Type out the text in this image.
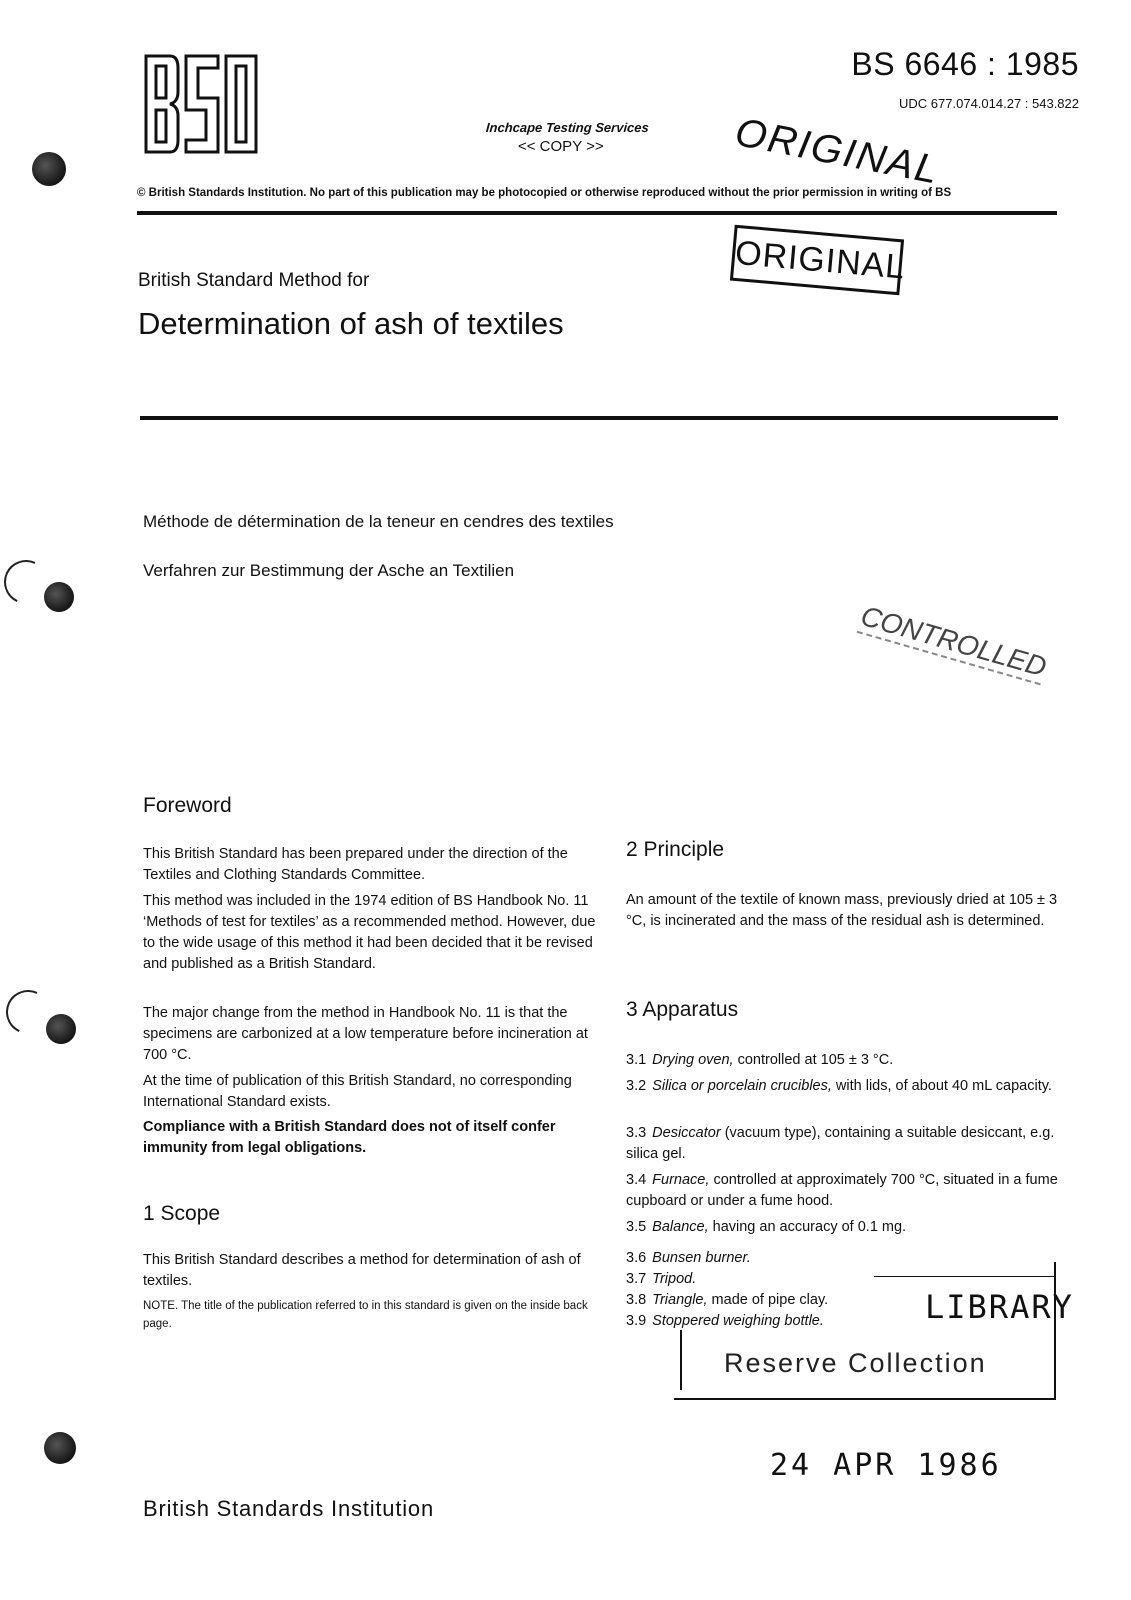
BS 6646 : 1985
UDC 677.074.014.27 : 543.822
Inchcape Testing Services
<< COPY >>	ORIGINAL
© British Standards Institution. No part of this publication may be photocopied or otherwise reproduced without the prior permission in writing of BS
British Standard Method for
Determination of ash of textiles
ORIGINAL
Méthode de détermination de la teneur en cendres des textiles
Verfahren zur Bestimmung der Asche an Textilien
CONTROLLED
Foreword
This British Standard has been prepared under the direction of the Textiles and Clothing Standards Committee.
This method was included in the 1974 edition of BS Handbook No. 11 ‘Methods of test for textiles’ as a recommended method. However, due to the wide usage of this method it had been decided that it be revised and published as a British Standard.
The major change from the method in Handbook No. 11 is that the specimens are carbonized at a low temperature before incineration at 700 °C.
At the time of publication of this British Standard, no corresponding International Standard exists.
Compliance with a British Standard does not of itself confer immunity from legal obligations.
1 Scope
This British Standard describes a method for determination of ash of textiles.
NOTE. The title of the publication referred to in this standard is given on the inside back page.
2 Principle
An amount of the textile of known mass, previously dried at 105 ± 3 °C, is incinerated and the mass of the residual ash is determined.
3 Apparatus
3.1 Drying oven, controlled at 105 ± 3 °C.
3.2 Silica or porcelain crucibles, with lids, of about 40 mL capacity.
3.3 Desiccator (vacuum type), containing a suitable desiccant, e.g. silica gel.
3.4 Furnace, controlled at approximately 700 °C, situated in a fume cupboard or under a fume hood.
3.5 Balance, having an accuracy of 0.1 mg.
3.6 Bunsen burner.
3.7 Tripod.
3.8 Triangle, made of pipe clay.
3.9 Stoppered weighing bottle.	LIBRARY
Reserve Collection
24 APR 1986
British Standards Institution
